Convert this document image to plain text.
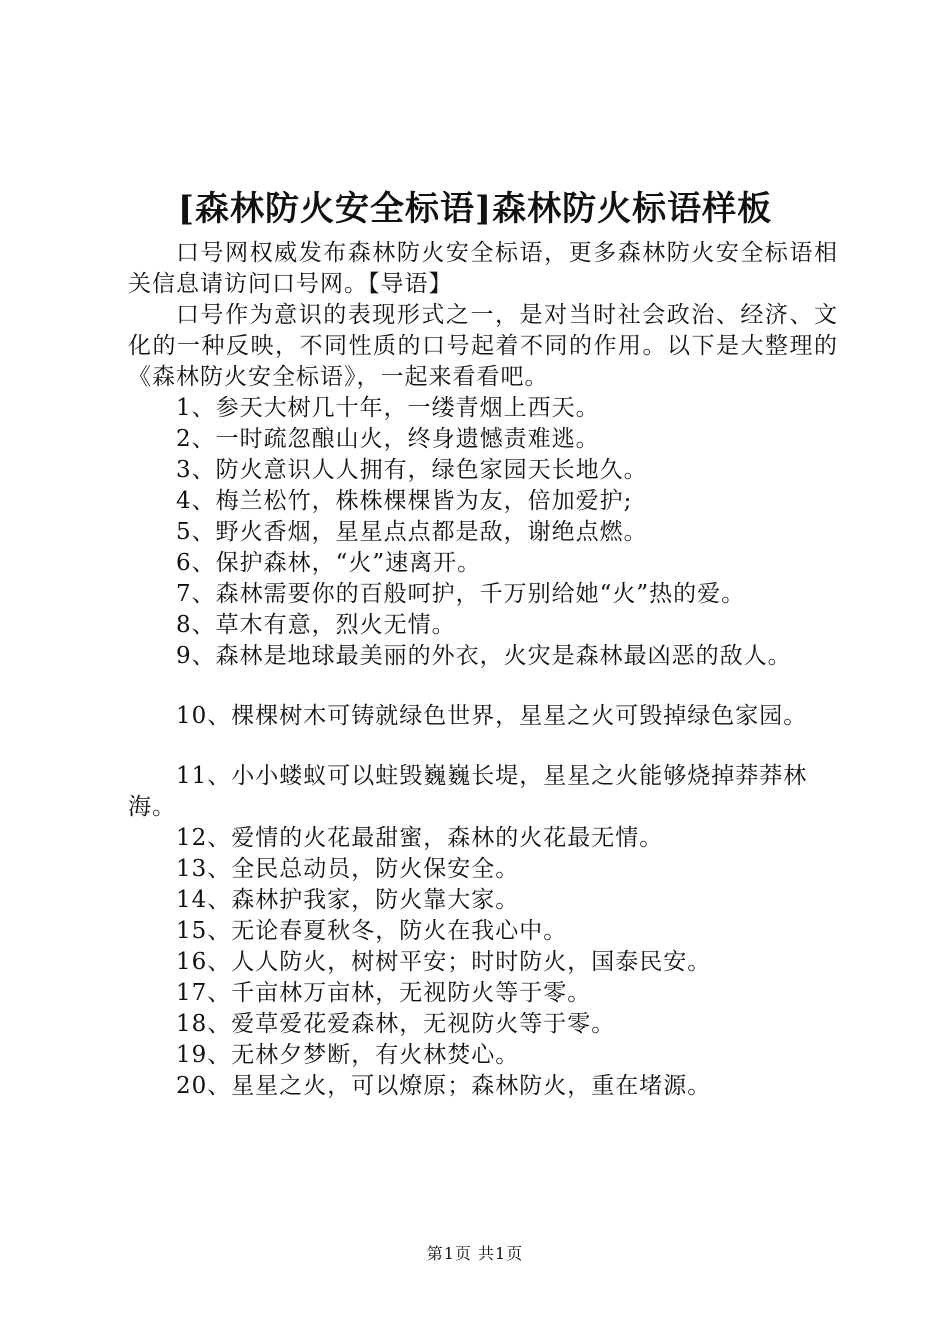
[森林防火安全标语]森林防火标语样板

口号网权威发布森林防火安全标语，更多森林防火安全标语相关信息请访问口号网。【导语】

口号作为意识的表现形式之一，是对当时社会政治、经济、文化的一种反映，不同性质的口号起着不同的作用。以下是大整理的《森林防火安全标语》，一起来看看吧。

1、参天大树几十年，一缕青烟上西天。

2、一时疏忽酿山火，终身遗憾责难逃。

3、防火意识人人拥有，绿色家园天长地久。

4、梅兰松竹，株株棵棵皆为友，倍加爱护;

5、野火香烟，星星点点都是敌，谢绝点燃。

6、保护森林，“火”速离开。

7、森林需要你的百般呵护，千万别给她“火”热的爱。

8、草木有意，烈火无情。

9、森林是地球最美丽的外衣，火灾是森林最凶恶的敌人。

10、棵棵树木可铸就绿色世界，星星之火可毁掉绿色家园。

11、小小蝼蚁可以蛀毁巍巍长堤，星星之火能够烧掉莽莽林海。

12、爱情的火花最甜蜜，森林的火花最无情。

13、全民总动员，防火保安全。

14、森林护我家，防火靠大家。

15、无论春夏秋冬，防火在我心中。

16、人人防火，树树平安；时时防火，国泰民安。

17、千亩林万亩林，无视防火等于零。

18、爱草爱花爱森林，无视防火等于零。

19、无林夕梦断，有火林焚心。

20、星星之火，可以燎原；森林防火，重在堵源。

第1页 共1页
